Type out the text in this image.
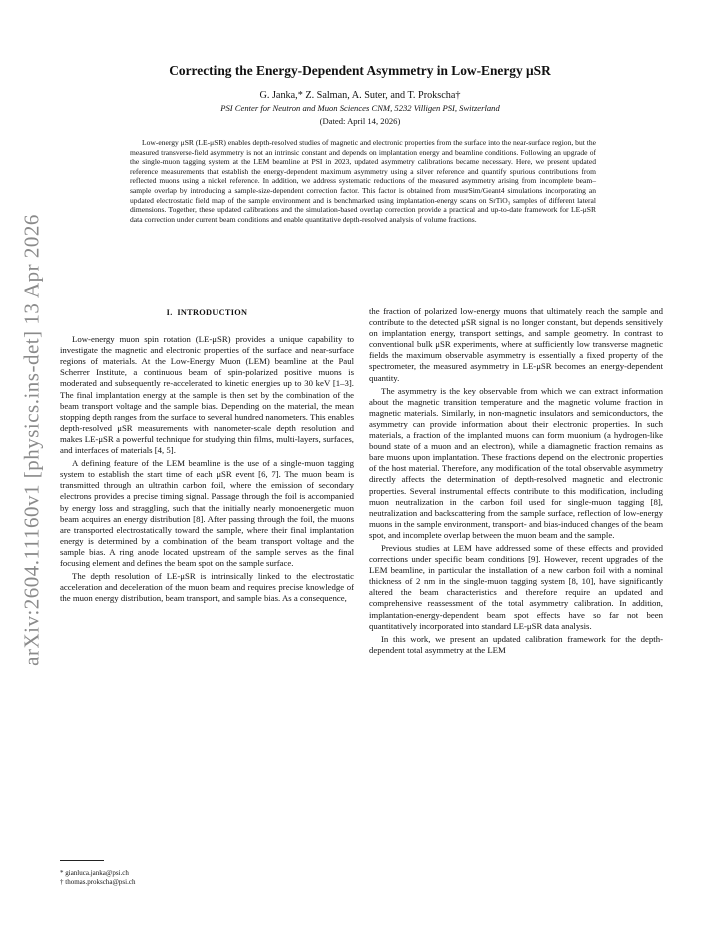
arXiv:2604.11160v1 [physics.ins-det] 13 Apr 2026
Correcting the Energy-Dependent Asymmetry in Low-Energy μSR
G. Janka,* Z. Salman, A. Suter, and T. Prokscha†
PSI Center for Neutron and Muon Sciences CNM, 5232 Villigen PSI, Switzerland
(Dated: April 14, 2026)
Low-energy μSR (LE-μSR) enables depth-resolved studies of magnetic and electronic properties from the surface into the near-surface region, but the measured transverse-field asymmetry is not an intrinsic constant and depends on implantation energy and beamline conditions. Following an upgrade of the single-muon tagging system at the LEM beamline at PSI in 2023, updated asymmetry calibrations became necessary. Here, we present updated reference measurements that establish the energy-dependent maximum asymmetry using a silver reference and quantify spurious contributions from reflected muons using a nickel reference. In addition, we address systematic reductions of the measured asymmetry arising from incomplete beam–sample overlap by introducing a sample-size-dependent correction factor. This factor is obtained from musrSim/Geant4 simulations incorporating an updated electrostatic field map of the sample environment and is benchmarked using implantation-energy scans on SrTiO₃ samples of different lateral dimensions. Together, these updated calibrations and the simulation-based overlap correction provide a practical and up-to-date framework for LE-μSR data correction under current beam conditions and enable quantitative depth-resolved analysis of volume fractions.
I. INTRODUCTION

Low-energy muon spin rotation (LE-μSR) provides a unique capability to investigate the magnetic and electronic properties of the surface and near-surface regions of materials. At the Low-Energy Muon (LEM) beamline at the Paul Scherrer Institute, a continuous beam of spin-polarized positive muons is moderated and subsequently re-accelerated to kinetic energies up to 30 keV [1–3]. The final implantation energy at the sample is then set by the combination of the beam transport voltage and the sample bias. Depending on the material, the mean stopping depth ranges from the surface to several hundred nanometers. This enables depth-resolved μSR measurements with nanometer-scale depth resolution and makes LE-μSR a powerful technique for studying thin films, multi-layers, surfaces, and interfaces of materials [4, 5].

A defining feature of the LEM beamline is the use of a single-muon tagging system to establish the start time of each μSR event [6, 7]. The muon beam is transmitted through an ultrathin carbon foil, where the emission of secondary electrons provides a precise timing signal. Passage through the foil is accompanied by energy loss and straggling, such that the initially nearly monoenergetic muon beam acquires an energy distribution [8]. After passing through the foil, the muons are transported electrostatically toward the sample, where their final implantation energy is determined by a combination of the beam transport voltage and the sample bias. A ring anode located upstream of the sample serves as the final focusing element and defines the beam spot on the sample surface.

The depth resolution of LE-μSR is intrinsically linked to the electrostatic acceleration and deceleration of the muon beam and requires precise knowledge of the muon energy distribution, beam transport, and sample bias. As a consequence,

the fraction of polarized low-energy muons that ultimately reach the sample and contribute to the detected μSR signal is no longer constant, but depends sensitively on implantation energy, transport settings, and sample geometry. In contrast to conventional bulk μSR experiments, where at sufficiently low transverse magnetic fields the maximum observable asymmetry is essentially a fixed property of the spectrometer, the measured asymmetry in LE-μSR becomes an energy-dependent quantity.

The asymmetry is the key observable from which we can extract information about the magnetic transition temperature and the magnetic volume fraction in magnetic materials. Similarly, in non-magnetic insulators and semiconductors, the asymmetry can provide information about their electronic properties. In such materials, a fraction of the implanted muons can form muonium (a hydrogen-like bound state of a muon and an electron), while a diamagnetic fraction remains as bare muons upon implantation. These fractions depend on the electronic properties of the host material. Therefore, any modification of the total observable asymmetry directly affects the determination of depth-resolved magnetic and electronic properties. Several instrumental effects contribute to this modification, including muon neutralization in the carbon foil used for single-muon tagging [8], neutralization and backscattering from the sample surface, reflection of low-energy muons in the sample environment, transport- and bias-induced changes of the beam spot, and incomplete overlap between the muon beam and the sample.

Previous studies at LEM have addressed some of these effects and provided corrections under specific beam conditions [9]. However, recent upgrades of the LEM beamline, in particular the installation of a new carbon foil with a nominal thickness of 2 nm in the single-muon tagging system [8, 10], have significantly altered the beam characteristics and therefore require an updated and comprehensive reassessment of the total asymmetry calibration. In addition, implantation-energy-dependent beam spot effects have so far not been quantitatively incorporated into standard LE-μSR data analysis.

In this work, we present an updated calibration framework for the depth-dependent total asymmetry at the LEM

* gianluca.janka@psi.ch
† thomas.prokscha@psi.ch
